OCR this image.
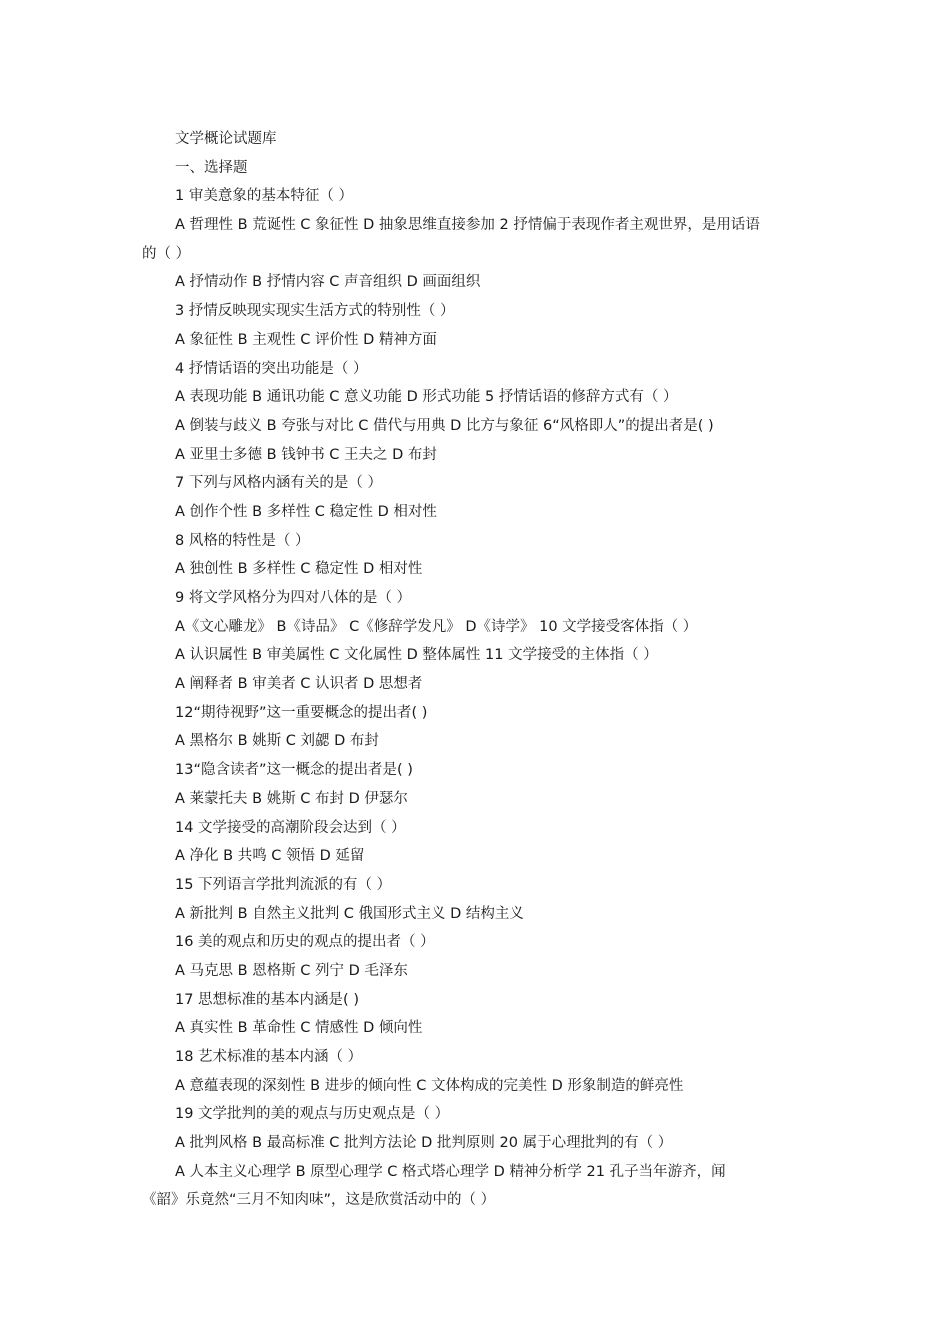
文学概论试题库
一、选择题
1 审美意象的基本特征（ ）
A 哲理性 B 荒诞性 C 象征性 D 抽象思维直接参加 2 抒情偏于表现作者主观世界，是用话语
的（ ）
A 抒情动作 B 抒情内容 C 声音组织 D 画面组织
3 抒情反映现实现实生活方式的特别性（ ）
A 象征性 B 主观性 C 评价性 D 精神方面
4 抒情话语的突出功能是（ ）
A 表现功能 B 通讯功能 C 意义功能 D 形式功能 5 抒情话语的修辞方式有（ ）
A 倒装与歧义 B 夸张与对比 C 借代与用典 D 比方与象征 6“风格即人”的提出者是( )
A 亚里士多德 B 钱钟书 C 王夫之 D 布封
7 下列与风格内涵有关的是（ ）
A 创作个性 B 多样性 C 稳定性 D 相对性
8 风格的特性是（ ）
A 独创性 B 多样性 C 稳定性 D 相对性
9 将文学风格分为四对八体的是（ ）
A《文心雕龙》 B《诗品》 C《修辞学发凡》 D《诗学》 10 文学接受客体指（ ）
A 认识属性 B 审美属性 C 文化属性 D 整体属性 11 文学接受的主体指（ ）
A 阐释者 B 审美者 C 认识者 D 思想者
12“期待视野”这一重要概念的提出者( )
A 黑格尔 B 姚斯 C 刘勰 D 布封
13“隐含读者”这一概念的提出者是( )
A 莱蒙托夫 B 姚斯 C 布封 D 伊瑟尔
14 文学接受的高潮阶段会达到（ ）
A 净化 B 共鸣 C 领悟 D 延留
15 下列语言学批判流派的有（ ）
A 新批判 B 自然主义批判 C 俄国形式主义 D 结构主义
16 美的观点和历史的观点的提出者（ ）
A 马克思 B 恩格斯 C 列宁 D 毛泽东
17 思想标准的基本内涵是( )
A 真实性 B 革命性 C 情感性 D 倾向性
18 艺术标准的基本内涵（ ）
A 意蕴表现的深刻性 B 进步的倾向性 C 文体构成的完美性 D 形象制造的鲜亮性
19 文学批判的美的观点与历史观点是（ ）
A 批判风格 B 最高标准 C 批判方法论 D 批判原则 20 属于心理批判的有（ ）
A 人本主义心理学 B 原型心理学 C 格式塔心理学 D 精神分析学 21 孔子当年游齐，闻
《韶》乐竟然“三月不知肉味”，这是欣赏活动中的（ ）
